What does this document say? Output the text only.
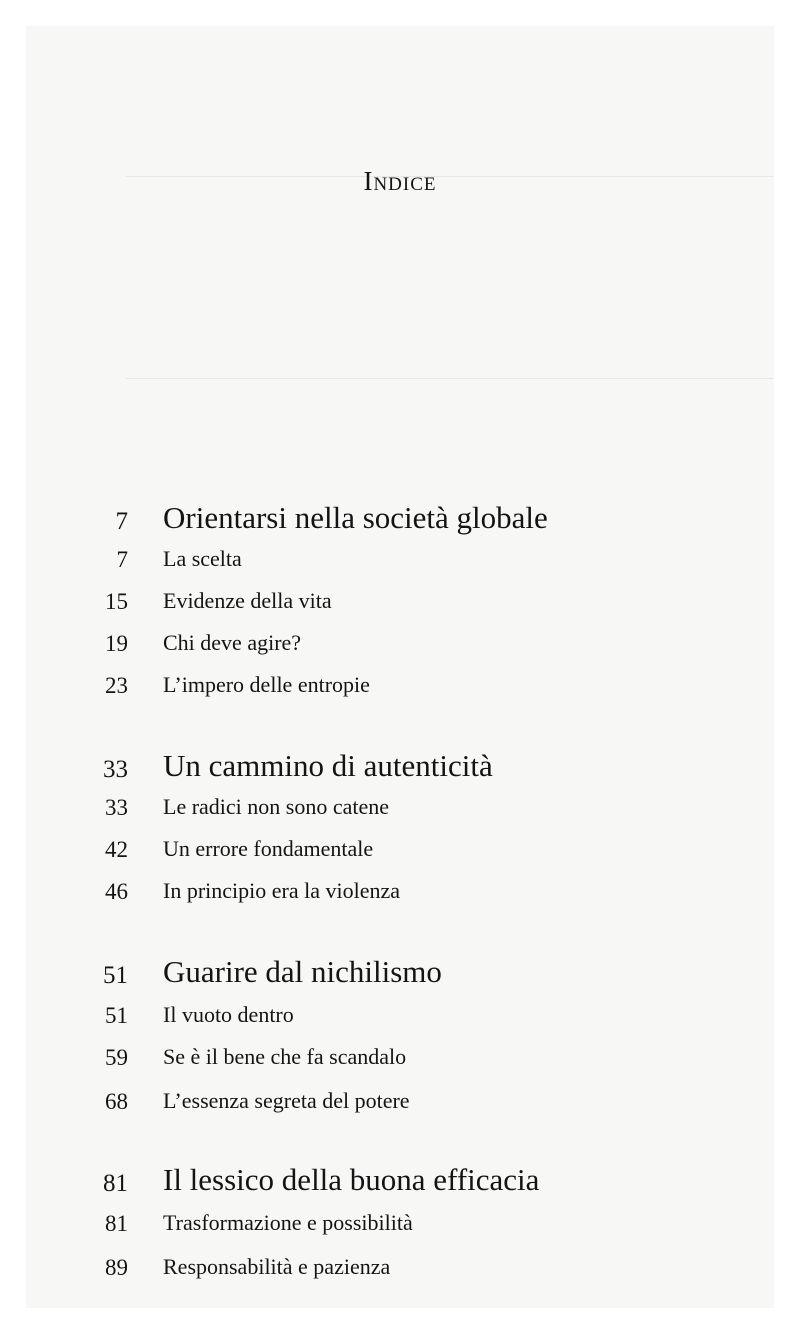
Indice
7 Orientarsi nella società globale
7 La scelta
15 Evidenze della vita
19 Chi deve agire?
23 L’impero delle entropie
33 Un cammino di autenticità
33 Le radici non sono catene
42 Un errore fondamentale
46 In principio era la violenza
51 Guarire dal nichilismo
51 Il vuoto dentro
59 Se è il bene che fa scandalo
68 L’essenza segreta del potere
81 Il lessico della buona efficacia
81 Trasformazione e possibilità
89 Responsabilità e pazienza
